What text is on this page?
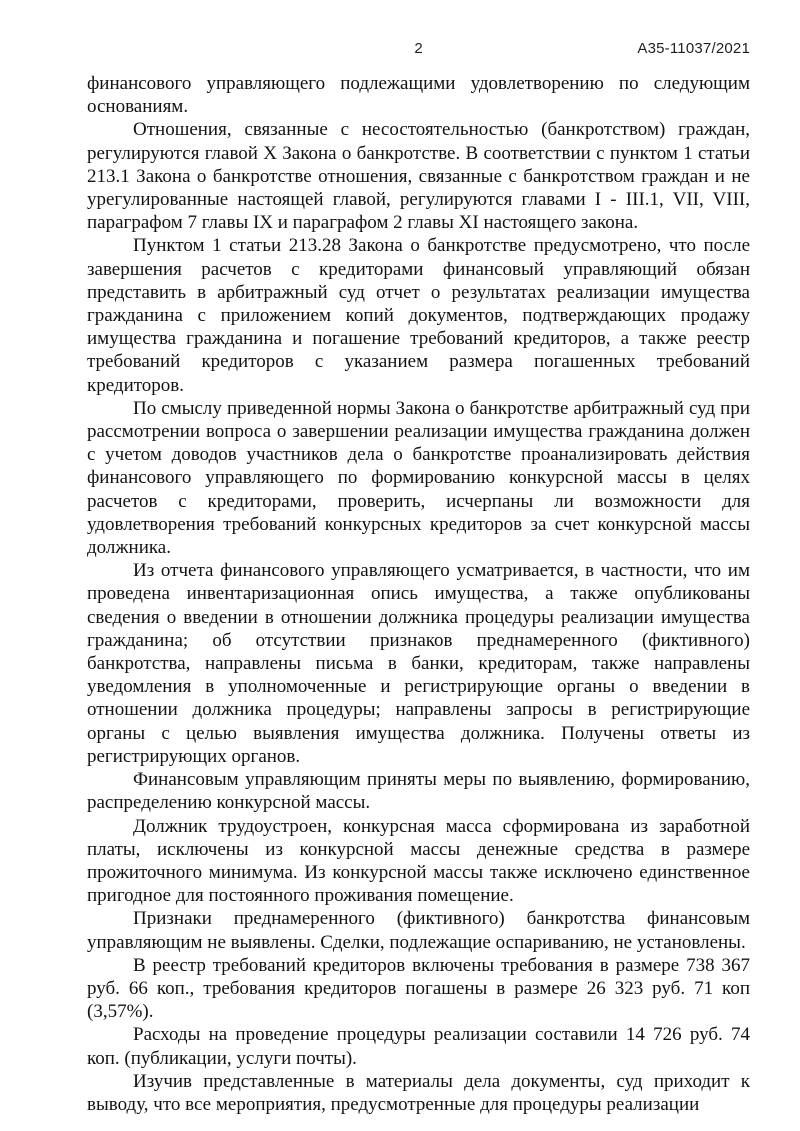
2	А35-11037/2021

финансового управляющего подлежащими удовлетворению по следующим основаниям.

Отношения, связанные с несостоятельностью (банкротством) граждан, регулируются главой X Закона о банкротстве. В соответствии с пунктом 1 статьи 213.1 Закона о банкротстве отношения, связанные с банкротством граждан и не урегулированные настоящей главой, регулируются главами I - III.1, VII, VIII, параграфом 7 главы IX и параграфом 2 главы XI настоящего закона.

Пунктом 1 статьи 213.28 Закона о банкротстве предусмотрено, что после завершения расчетов с кредиторами финансовый управляющий обязан представить в арбитражный суд отчет о результатах реализации имущества гражданина с приложением копий документов, подтверждающих продажу имущества гражданина и погашение требований кредиторов, а также реестр требований кредиторов с указанием размера погашенных требований кредиторов.

По смыслу приведенной нормы Закона о банкротстве арбитражный суд при рассмотрении вопроса о завершении реализации имущества гражданина должен с учетом доводов участников дела о банкротстве проанализировать действия финансового управляющего по формированию конкурсной массы в целях расчетов с кредиторами, проверить, исчерпаны ли возможности для удовлетворения требований конкурсных кредиторов за счет конкурсной массы должника.

Из отчета финансового управляющего усматривается, в частности, что им проведена инвентаризационная опись имущества, а также опубликованы сведения о введении в отношении должника процедуры реализации имущества гражданина; об отсутствии признаков преднамеренного (фиктивного) банкротства, направлены письма в банки, кредиторам, также направлены уведомления в уполномоченные и регистрирующие органы о введении в отношении должника процедуры; направлены запросы в регистрирующие органы с целью выявления имущества должника. Получены ответы из регистрирующих органов.

Финансовым управляющим приняты меры по выявлению, формированию, распределению конкурсной массы.

Должник трудоустроен, конкурсная масса сформирована из заработной платы, исключены из конкурсной массы денежные средства в размере прожиточного минимума. Из конкурсной массы также исключено единственное пригодное для постоянного проживания помещение.

Признаки преднамеренного (фиктивного) банкротства финансовым управляющим не выявлены. Сделки, подлежащие оспариванию, не установлены.

В реестр требований кредиторов включены требования в размере 738 367 руб. 66 коп., требования кредиторов погашены в размере 26 323 руб. 71 коп (3,57%).

Расходы на проведение процедуры реализации составили 14 726 руб. 74 коп. (публикации, услуги почты).

Изучив представленные в материалы дела документы, суд приходит к выводу, что все мероприятия, предусмотренные для процедуры реализации
